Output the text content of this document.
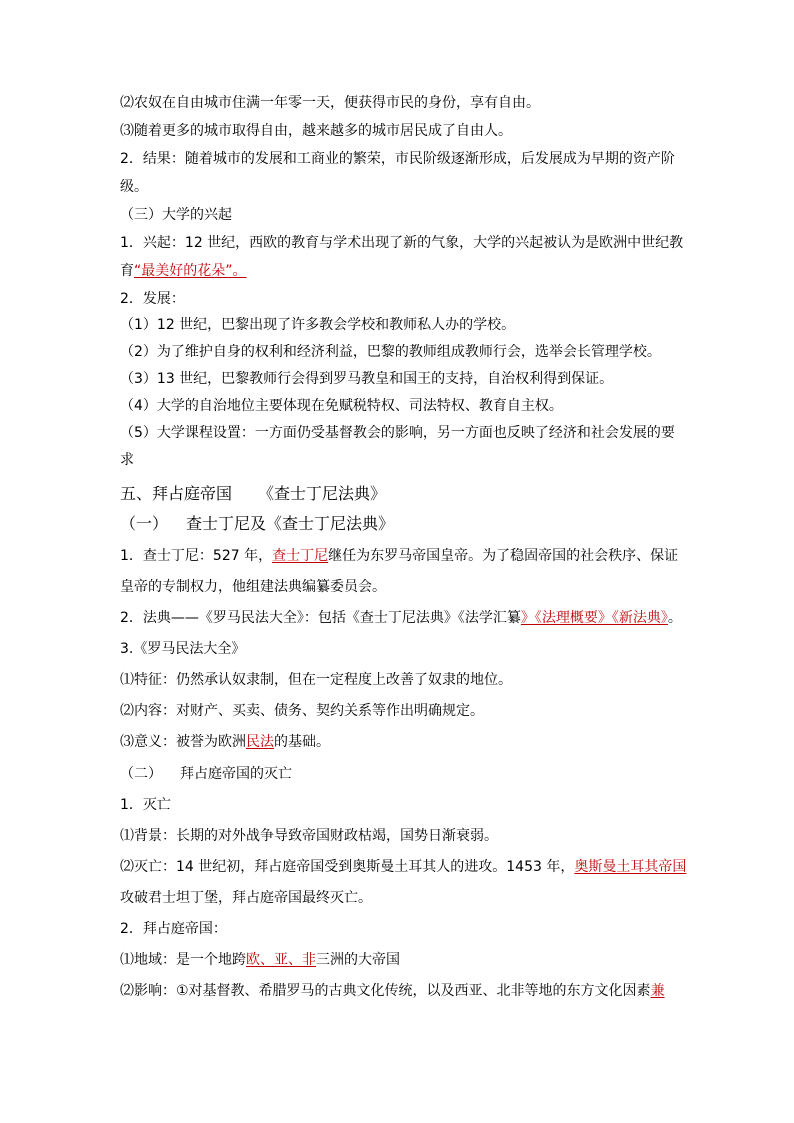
⑵农奴在自由城市住满一年零一天，便获得市民的身份，享有自由。
⑶随着更多的城市取得自由，越来越多的城市居民成了自由人。
2．结果：随着城市的发展和工商业的繁荣，市民阶级逐渐形成，后发展成为早期的资产阶
级。
（三）大学的兴起
1．兴起：12 世纪，西欧的教育与学术出现了新的气象，大学的兴起被认为是欧洲中世纪教
育“最美好的花朵”。
2．发展：
（1）12 世纪，巴黎出现了许多教会学校和教师私人办的学校。
（2）为了维护自身的权利和经济利益，巴黎的教师组成教师行会，选举会长管理学校。
（3）13 世纪，巴黎教师行会得到罗马教皇和国王的支持，自治权利得到保证。
（4）大学的自治地位主要体现在免赋税特权、司法特权、教育自主权。
（5）大学课程设置：一方面仍受基督教会的影响，另一方面也反映了经济和社会发展的要
求
五、拜占庭帝国 《查士丁尼法典》
（一） 查士丁尼及《查士丁尼法典》
1．查士丁尼：527 年，查士丁尼继任为东罗马帝国皇帝。为了稳固帝国的社会秩序、保证
皇帝的专制权力，他组建法典编纂委员会。
2．法典——《罗马民法大全》：包括《查士丁尼法典》《法学汇纂》《法理概要》《新法典》。
3.《罗马民法大全》
⑴特征：仍然承认奴隶制，但在一定程度上改善了奴隶的地位。
⑵内容：对财产、买卖、债务、契约关系等作出明确规定。
⑶意义：被誉为欧洲民法的基础。
（二） 拜占庭帝国的灭亡
1．灭亡
⑴背景：长期的对外战争导致帝国财政枯竭，国势日渐衰弱。
⑵灭亡：14 世纪初，拜占庭帝国受到奥斯曼土耳其人的进攻。1453 年，奥斯曼土耳其帝国
攻破君士坦丁堡，拜占庭帝国最终灭亡。
2．拜占庭帝国：
⑴地域：是一个地跨欧、亚、非三洲的大帝国
⑵影响：①对基督教、希腊罗马的古典文化传统，以及西亚、北非等地的东方文化因素兼
